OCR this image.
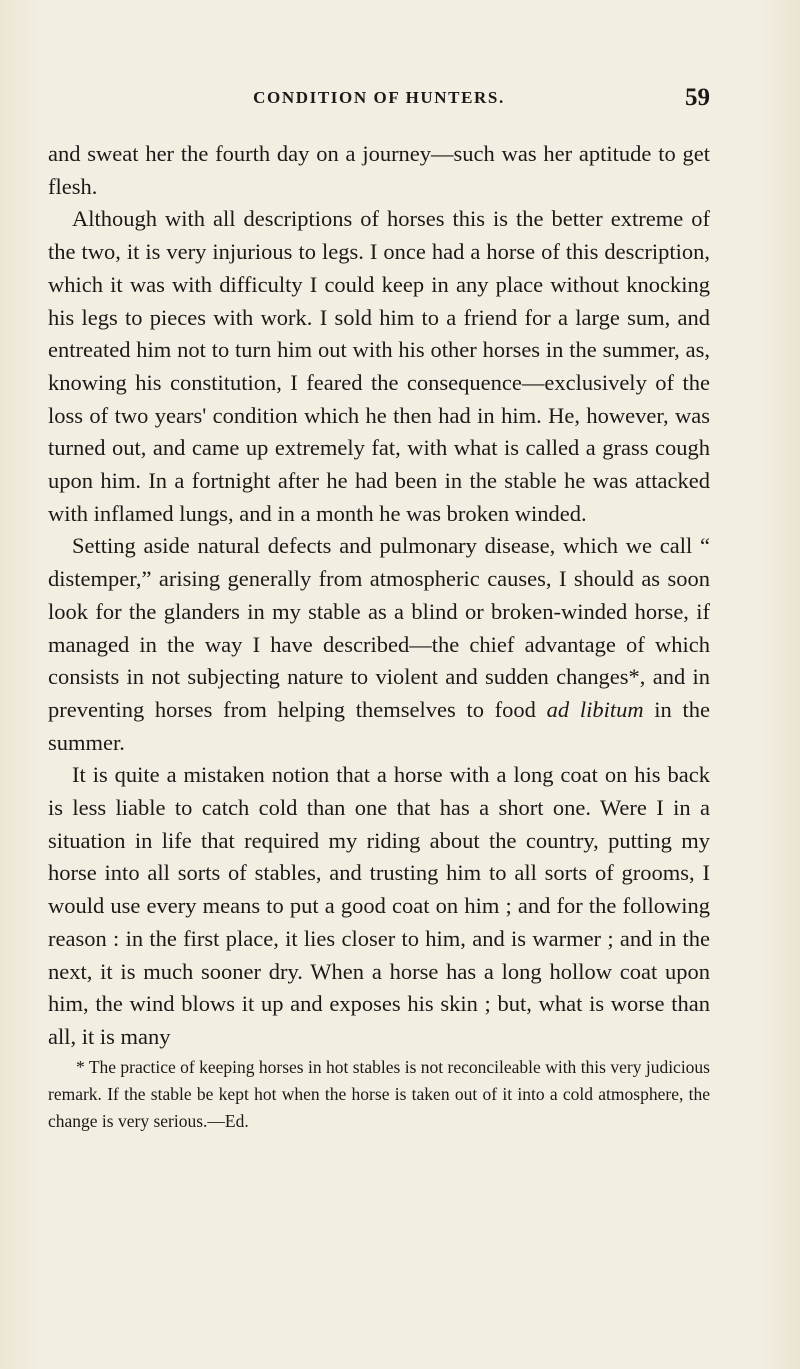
CONDITION OF HUNTERS.	59

and sweat her the fourth day on a journey—such was her aptitude to get flesh.

Although with all descriptions of horses this is the better extreme of the two, it is very injurious to legs. I once had a horse of this description, which it was with difficulty I could keep in any place without knocking his legs to pieces with work. I sold him to a friend for a large sum, and entreated him not to turn him out with his other horses in the summer, as, knowing his constitution, I feared the consequence—exclusively of the loss of two years' condition which he then had in him. He, however, was turned out, and came up extremely fat, with what is called a grass cough upon him. In a fortnight after he had been in the stable he was attacked with inflamed lungs, and in a month he was broken winded.

Setting aside natural defects and pulmonary disease, which we call “ distemper,” arising generally from atmospheric causes, I should as soon look for the glanders in my stable as a blind or broken-winded horse, if managed in the way I have described—the chief advantage of which consists in not subjecting nature to violent and sudden changes*, and in preventing horses from helping themselves to food ad libitum in the summer.

It is quite a mistaken notion that a horse with a long coat on his back is less liable to catch cold than one that has a short one. Were I in a situation in life that required my riding about the country, putting my horse into all sorts of stables, and trusting him to all sorts of grooms, I would use every means to put a good coat on him ; and for the following reason : in the first place, it lies closer to him, and is warmer ; and in the next, it is much sooner dry. When a horse has a long hollow coat upon him, the wind blows it up and exposes his skin ; but, what is worse than all, it is many

* The practice of keeping horses in hot stables is not reconcileable with this very judicious remark. If the stable be kept hot when the horse is taken out of it into a cold atmosphere, the change is very serious.—Ed.
